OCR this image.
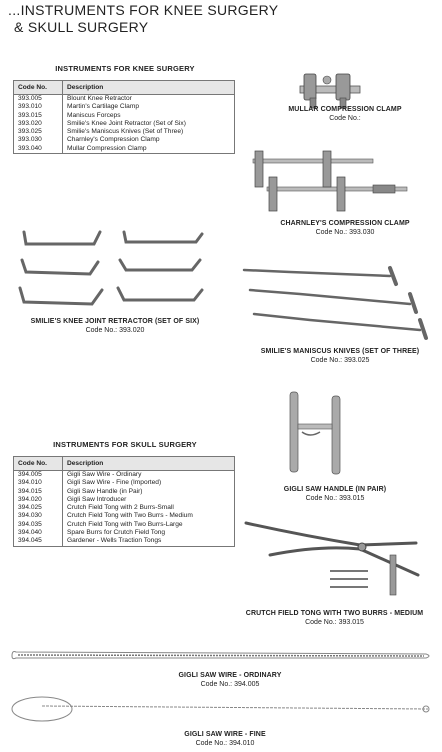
...INSTRUMENTS FOR KNEE SURGERY
& SKULL SURGERY
INSTRUMENTS FOR KNEE SURGERY
Code No.	Description
393.005	Blount Knee Retractor
393.010	Martin's Cartilage Clamp
393.015	Maniscus Forceps
393.020	Smilie's Knee Joint Retractor (Set of Six)
393.025	Smilie's Maniscus Knives (Set of Three)
393.030	Charnley's Compression Clamp
393.040	Mullar Compression Clamp
INSTRUMENTS FOR SKULL SURGERY
Code No.	Description
394.005	Gigli Saw Wire - Ordinary
394.010	Gigli Saw Wire - Fine (Imported)
394.015	Gigli Saw Handle (in Pair)
394.020	Gigli Saw Introducer
394.025	Crutch Field Tong with 2 Burrs-Small
394.030	Crutch Field Tong with Two Burrs - Medium
394.035	Crutch Field Tong with Two Burrs-Large
394.040	Spare Burrs for Crutch Field Tong
394.045	Gardener - Wells Traction Tongs
MULLAR COMPRESSION CLAMP
Code No.:
CHARNLEY'S COMPRESSION CLAMP
Code No.: 393.030
SMILIE'S KNEE JOINT RETRACTOR (SET OF SIX)
Code No.: 393.020
SMILIE'S MANISCUS KNIVES (SET OF THREE)
Code No.: 393.025
GIGLI SAW HANDLE (IN PAIR)
Code No.: 393.015
CRUTCH FIELD TONG WITH TWO BURRS - MEDIUM
Code No.: 393.015
GIGLI SAW WIRE - ORDINARY
Code No.: 394.005
GIGLI SAW WIRE - FINE
Code No.: 394.010
